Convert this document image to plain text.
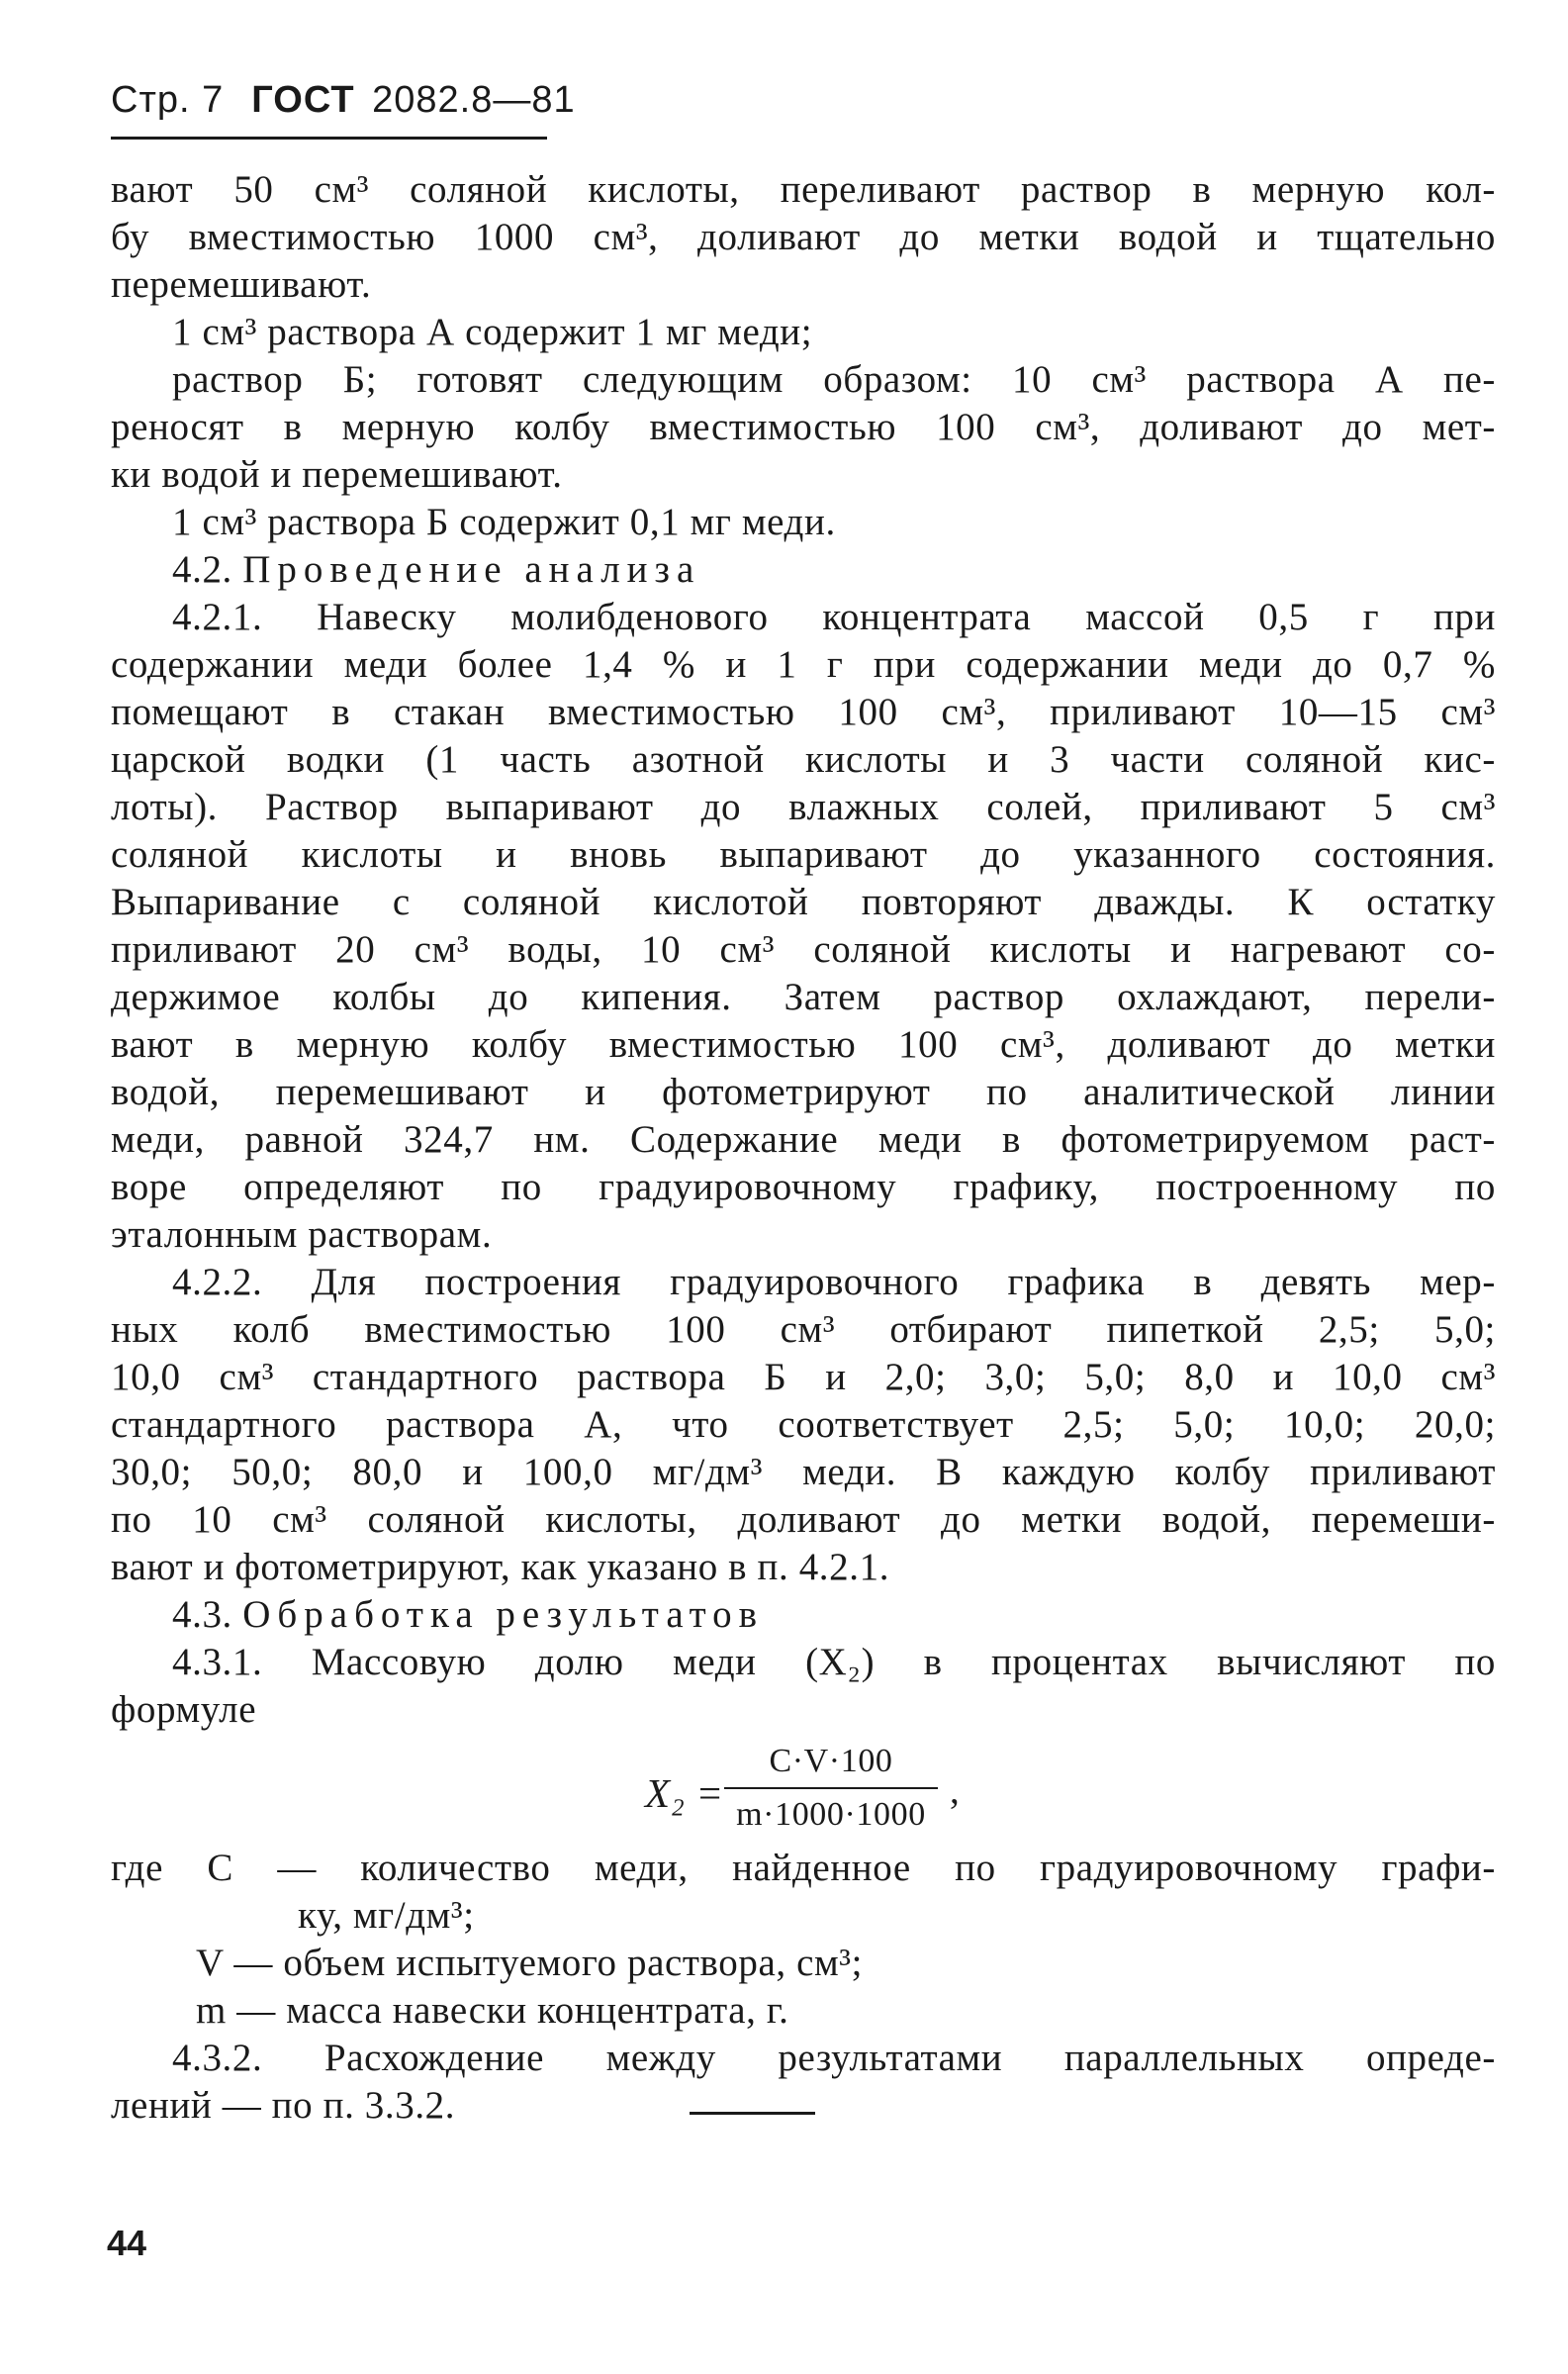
Стр. 7 ГОСТ 2082.8—81

вают 50 см³ соляной кислоты, переливают раствор в мерную кол-
бу вместимостью 1000 см³, доливают до метки водой и тщательно
перемешивают.

1 см³ раствора А содержит 1 мг меди;

раствор Б; готовят следующим образом: 10 см³ раствора А пе-
реносят в мерную колбу вместимостью 100 см³, доливают до мет-
ки водой и перемешивают.

1 см³ раствора Б содержит 0,1 мг меди.

4.2. Проведение анализа

4.2.1. Навеску молибденового концентрата массой 0,5 г при
содержании меди более 1,4 % и 1 г при содержании меди до 0,7 %
помещают в стакан вместимостью 100 см³, приливают 10—15 см³
царской водки (1 часть азотной кислоты и 3 части соляной кис-
лоты). Раствор выпаривают до влажных солей, приливают 5 см³
соляной кислоты и вновь выпаривают до указанного состояния.
Выпаривание с соляной кислотой повторяют дважды. К остатку
приливают 20 см³ воды, 10 см³ соляной кислоты и нагревают со-
держимое колбы до кипения. Затем раствор охлаждают, перели-
вают в мерную колбу вместимостью 100 см³, доливают до метки
водой, перемешивают и фотометрируют по аналитической линии
меди, равной 324,7 нм. Содержание меди в фотометрируемом раст-
воре определяют по градуировочному графику, построенному по
эталонным растворам.

4.2.2. Для построения градуировочного графика в девять мер-
ных колб вместимостью 100 см³ отбирают пипеткой 2,5; 5,0;
10,0 см³ стандартного раствора Б и 2,0; 3,0; 5,0; 8,0 и 10,0 см³
стандартного раствора А, что соответствует 2,5; 5,0; 10,0; 20,0;
30,0; 50,0; 80,0 и 100,0 мг/дм³ меди. В каждую колбу приливают
по 10 см³ соляной кислоты, доливают до метки водой, перемеши-
вают и фотометрируют, как указано в п. 4.2.1.

4.3. Обработка результатов

4.3.1. Массовую долю меди (X₂) в процентах вычисляют по
формуле

$X_2 = \frac{C\cdot V\cdot 100}{m\cdot 1000\cdot 1000}$ ,
где C — количество меди, найденное по градуировочному графи-
ку, мг/дм³;
V — объем испытуемого раствора, см³;
m — масса навески концентрата, г.

4.3.2. Расхождение между результатами параллельных опреде-
лений — по п. 3.3.2.

44
